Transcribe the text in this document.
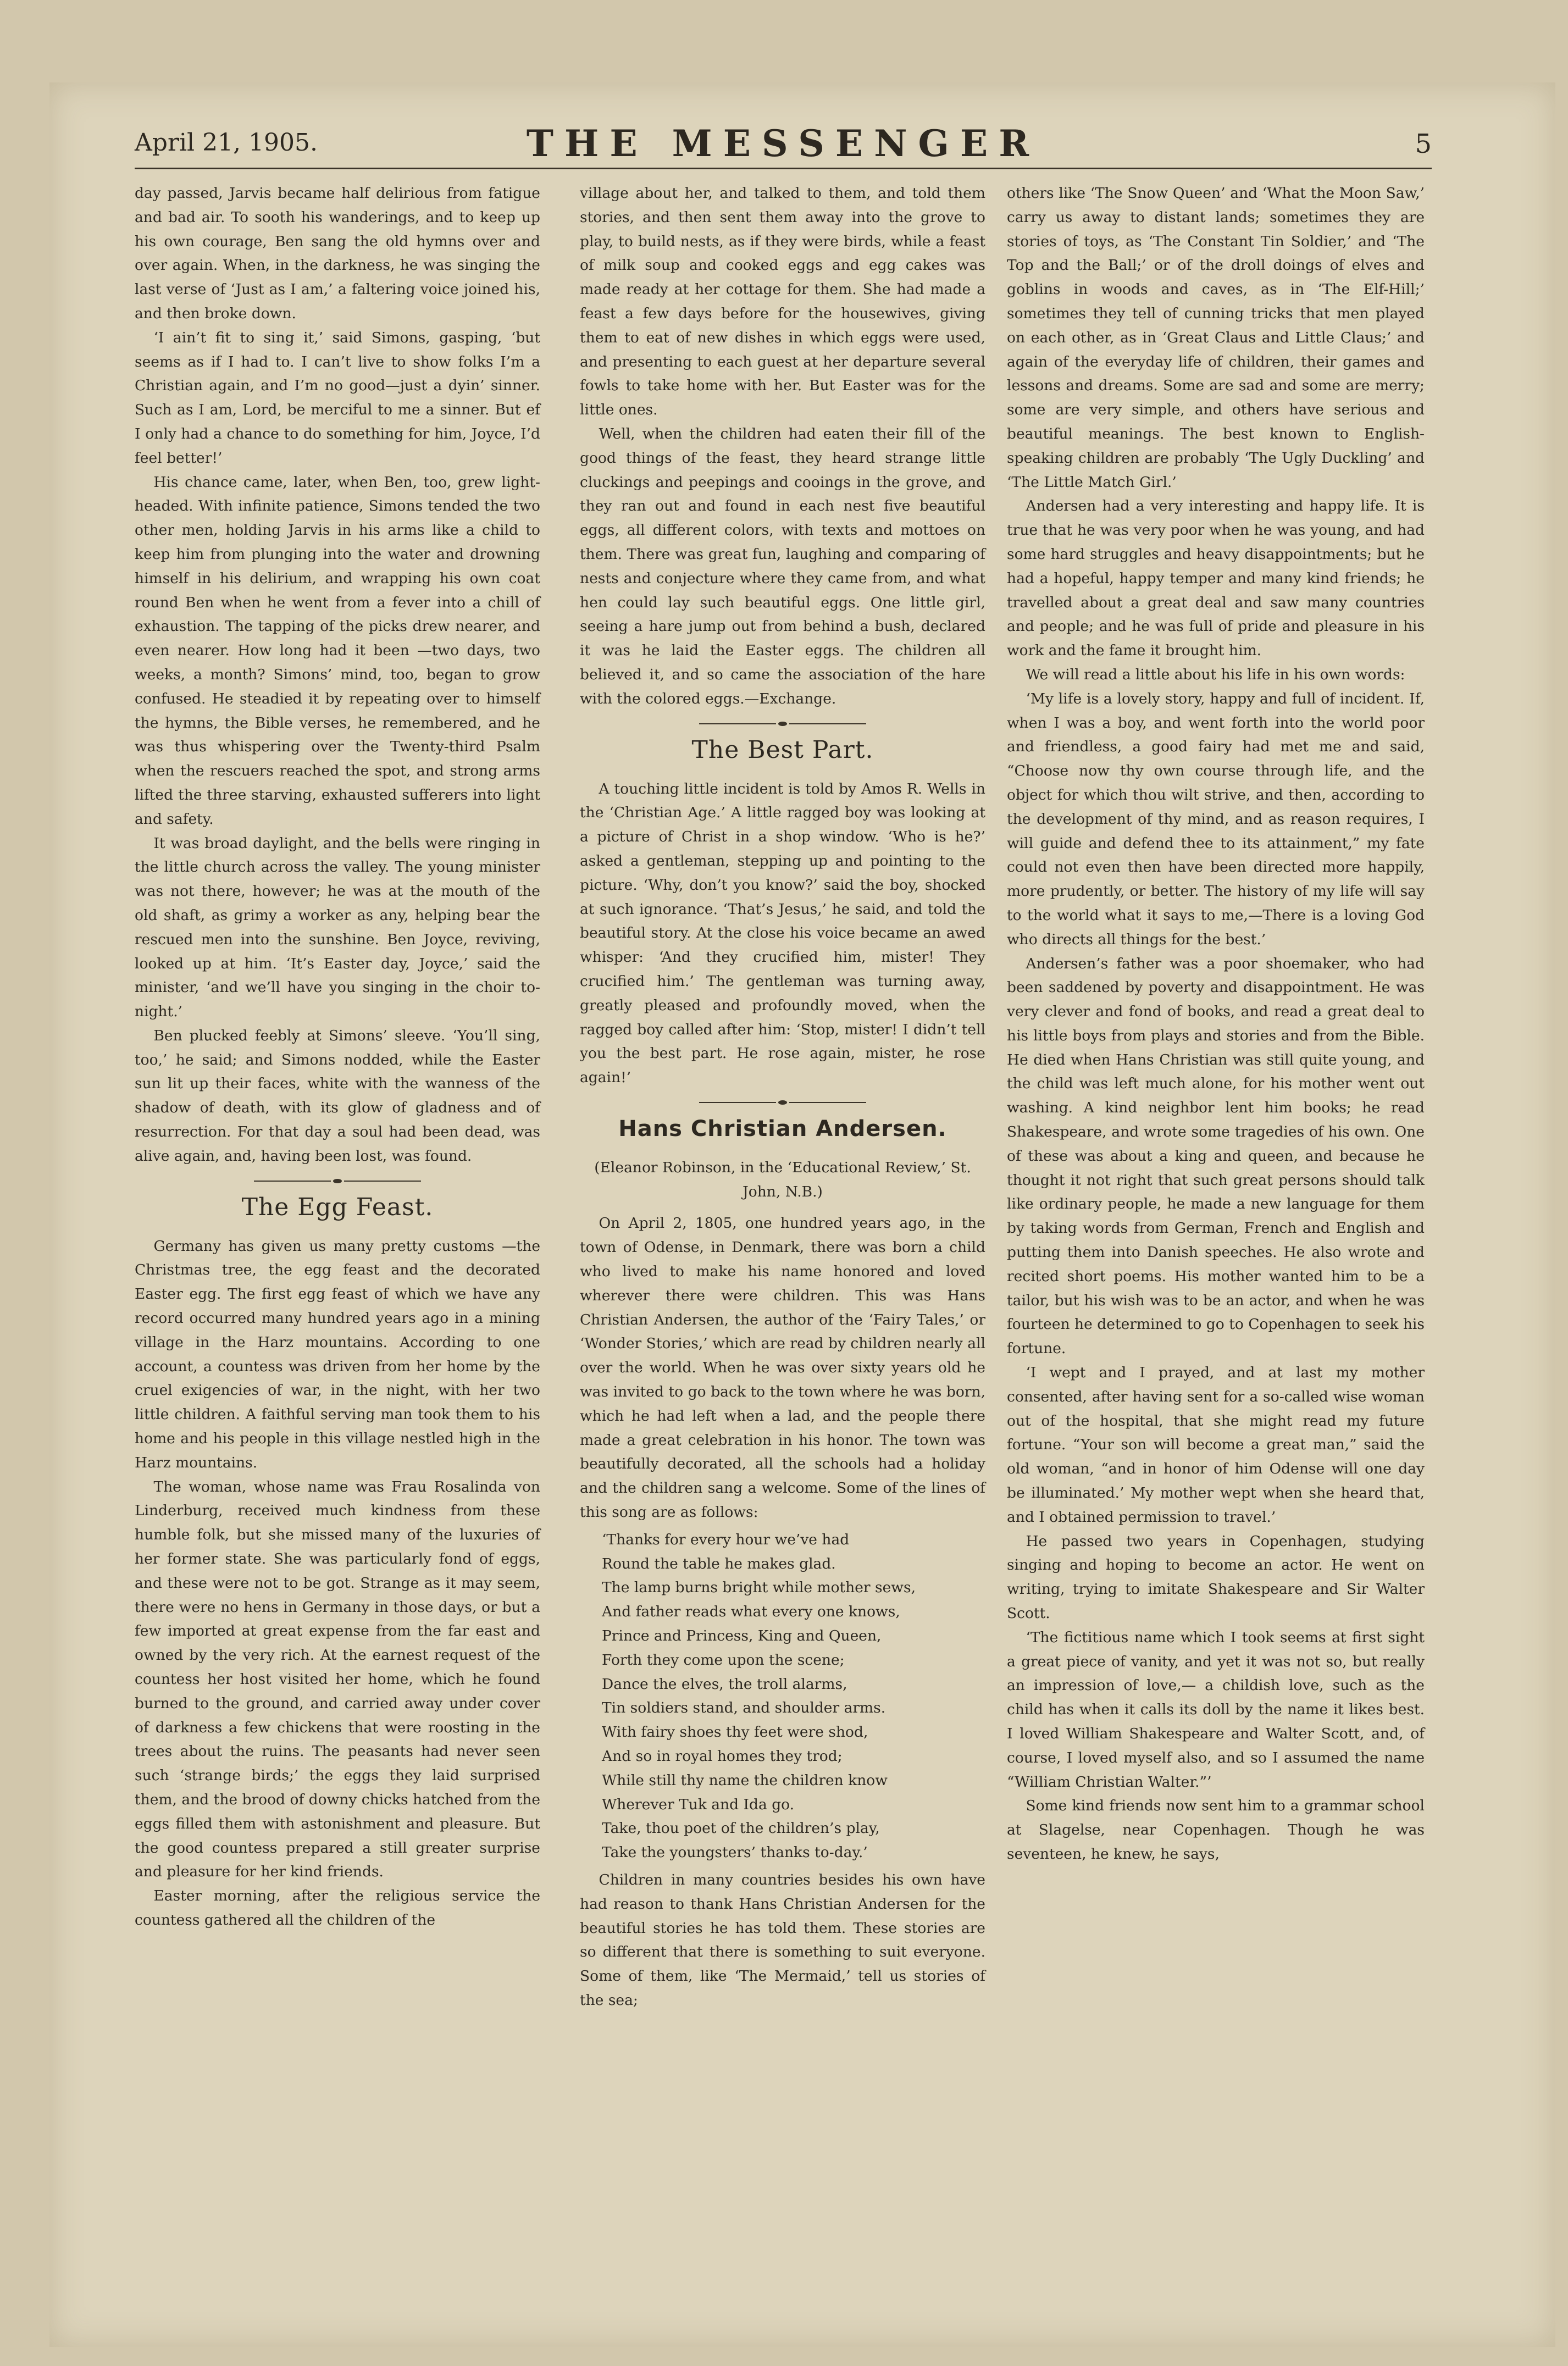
April 21, 1905.	THE MESSENGER	5

day passed, Jarvis became half delirious from fatigue and bad air. To sooth his wanderings, and to keep up his own courage, Ben sang the old hymns over and over again. When, in the darkness, he was singing the last verse of ‘Just as I am,’ a faltering voice joined his, and then broke down.

‘I ain’t fit to sing it,’ said Simons, gasping, ‘but seems as if I had to. I can’t live to show folks I’m a Christian again, and I’m no good—just a dyin’ sinner. Such as I am, Lord, be merciful to me a sinner. But ef I only had a chance to do something for him, Joyce, I’d feel better!’

His chance came, later, when Ben, too, grew light-headed. With infinite patience, Simons tended the two other men, holding Jarvis in his arms like a child to keep him from plunging into the water and drowning himself in his delirium, and wrapping his own coat round Ben when he went from a fever into a chill of exhaustion. The tapping of the picks drew nearer, and even nearer. How long had it been —two days, two weeks, a month? Simons’ mind, too, began to grow confused. He steadied it by repeating over to himself the hymns, the Bible verses, he remembered, and he was thus whispering over the Twenty-third Psalm when the rescuers reached the spot, and strong arms lifted the three starving, exhausted sufferers into light and safety.

It was broad daylight, and the bells were ringing in the little church across the valley. The young minister was not there, however; he was at the mouth of the old shaft, as grimy a worker as any, helping bear the rescued men into the sunshine. Ben Joyce, reviving, looked up at him. ‘It’s Easter day, Joyce,’ said the minister, ‘and we’ll have you singing in the choir to-night.’

Ben plucked feebly at Simons’ sleeve. ‘You’ll sing, too,’ he said; and Simons nodded, while the Easter sun lit up their faces, white with the wanness of the shadow of death, with its glow of gladness and of resurrection. For that day a soul had been dead, was alive again, and, having been lost, was found.

The Egg Feast.

Germany has given us many pretty customs —the Christmas tree, the egg feast and the decorated Easter egg. The first egg feast of which we have any record occurred many hundred years ago in a mining village in the Harz mountains. According to one account, a countess was driven from her home by the cruel exigencies of war, in the night, with her two little children. A faithful serving man took them to his home and his people in this village nestled high in the Harz mountains.

The woman, whose name was Frau Rosalinda von Linderburg, received much kindness from these humble folk, but she missed many of the luxuries of her former state. She was particularly fond of eggs, and these were not to be got. Strange as it may seem, there were no hens in Germany in those days, or but a few imported at great expense from the far east and owned by the very rich. At the earnest request of the countess her host visited her home, which he found burned to the ground, and carried away under cover of darkness a few chickens that were roosting in the trees about the ruins. The peasants had never seen such ‘strange birds;’ the eggs they laid surprised them, and the brood of downy chicks hatched from the eggs filled them with astonishment and pleasure. But the good countess prepared a still greater surprise and pleasure for her kind friends.

Easter morning, after the religious service the countess gathered all the children of the

village about her, and talked to them, and told them stories, and then sent them away into the grove to play, to build nests, as if they were birds, while a feast of milk soup and cooked eggs and egg cakes was made ready at her cottage for them. She had made a feast a few days before for the housewives, giving them to eat of new dishes in which eggs were used, and presenting to each guest at her departure several fowls to take home with her. But Easter was for the little ones.

Well, when the children had eaten their fill of the good things of the feast, they heard strange little cluckings and peepings and cooings in the grove, and they ran out and found in each nest five beautiful eggs, all different colors, with texts and mottoes on them. There was great fun, laughing and comparing of nests and conjecture where they came from, and what hen could lay such beautiful eggs. One little girl, seeing a hare jump out from behind a bush, declared it was he laid the Easter eggs. The children all believed it, and so came the association of the hare with the colored eggs.—Exchange.

The Best Part.

A touching little incident is told by Amos R. Wells in the ‘Christian Age.’ A little ragged boy was looking at a picture of Christ in a shop window. ‘Who is he?’ asked a gentleman, stepping up and pointing to the picture. ‘Why, don’t you know?’ said the boy, shocked at such ignorance. ‘That’s Jesus,’ he said, and told the beautiful story. At the close his voice became an awed whisper: ‘And they crucified him, mister! They crucified him.’ The gentleman was turning away, greatly pleased and profoundly moved, when the ragged boy called after him: ‘Stop, mister! I didn’t tell you the best part. He rose again, mister, he rose again!’

Hans Christian Andersen.

(Eleanor Robinson, in the ‘Educational Review,’ St. John, N.B.)

On April 2, 1805, one hundred years ago, in the town of Odense, in Denmark, there was born a child who lived to make his name honored and loved wherever there were children. This was Hans Christian Andersen, the author of the ‘Fairy Tales,’ or ‘Wonder Stories,’ which are read by children nearly all over the world. When he was over sixty years old he was invited to go back to the town where he was born, which he had left when a lad, and the people there made a great celebration in his honor. The town was beautifully decorated, all the schools had a holiday and the children sang a welcome. Some of the lines of this song are as follows:

‘Thanks for every hour we’ve had
Round the table he makes glad.
The lamp burns bright while mother sews,
And father reads what every one knows,
Prince and Princess, King and Queen,
Forth they come upon the scene;
Dance the elves, the troll alarms,
Tin soldiers stand, and shoulder arms.
With fairy shoes thy feet were shod,
And so in royal homes they trod;
While still thy name the children know
Wherever Tuk and Ida go.
Take, thou poet of the children’s play,
Take the youngsters’ thanks to-day.’

Children in many countries besides his own have had reason to thank Hans Christian Andersen for the beautiful stories he has told them. These stories are so different that there is something to suit everyone. Some of them, like ‘The Mermaid,’ tell us stories of the sea;

others like ‘The Snow Queen’ and ‘What the Moon Saw,’ carry us away to distant lands; sometimes they are stories of toys, as ‘The Constant Tin Soldier,’ and ‘The Top and the Ball;’ or of the droll doings of elves and goblins in woods and caves, as in ‘The Elf-Hill;’ sometimes they tell of cunning tricks that men played on each other, as in ‘Great Claus and Little Claus;’ and again of the everyday life of children, their games and lessons and dreams. Some are sad and some are merry; some are very simple, and others have serious and beautiful meanings. The best known to English-speaking children are probably ‘The Ugly Duckling’ and ‘The Little Match Girl.’

Andersen had a very interesting and happy life. It is true that he was very poor when he was young, and had some hard struggles and heavy disappointments; but he had a hopeful, happy temper and many kind friends; he travelled about a great deal and saw many countries and people; and he was full of pride and pleasure in his work and the fame it brought him.

We will read a little about his life in his own words:

‘My life is a lovely story, happy and full of incident. If, when I was a boy, and went forth into the world poor and friendless, a good fairy had met me and said, “Choose now thy own course through life, and the object for which thou wilt strive, and then, according to the development of thy mind, and as reason requires, I will guide and defend thee to its attainment,” my fate could not even then have been directed more happily, more prudently, or better. The history of my life will say to the world what it says to me,—There is a loving God who directs all things for the best.’

Andersen’s father was a poor shoemaker, who had been saddened by poverty and disappointment. He was very clever and fond of books, and read a great deal to his little boys from plays and stories and from the Bible. He died when Hans Christian was still quite young, and the child was left much alone, for his mother went out washing. A kind neighbor lent him books; he read Shakespeare, and wrote some tragedies of his own. One of these was about a king and queen, and because he thought it not right that such great persons should talk like ordinary people, he made a new language for them by taking words from German, French and English and putting them into Danish speeches. He also wrote and recited short poems. His mother wanted him to be a tailor, but his wish was to be an actor, and when he was fourteen he determined to go to Copenhagen to seek his fortune.

‘I wept and I prayed, and at last my mother consented, after having sent for a so-called wise woman out of the hospital, that she might read my future fortune. “Your son will become a great man,” said the old woman, “and in honor of him Odense will one day be illuminated.’ My mother wept when she heard that, and I obtained permission to travel.’

He passed two years in Copenhagen, studying singing and hoping to become an actor. He went on writing, trying to imitate Shakespeare and Sir Walter Scott.

‘The fictitious name which I took seems at first sight a great piece of vanity, and yet it was not so, but really an impression of love,— a childish love, such as the child has when it calls its doll by the name it likes best. I loved William Shakespeare and Walter Scott, and, of course, I loved myself also, and so I assumed the name “William Christian Walter.”’

Some kind friends now sent him to a grammar school at Slagelse, near Copenhagen. Though he was seventeen, he knew, he says,
